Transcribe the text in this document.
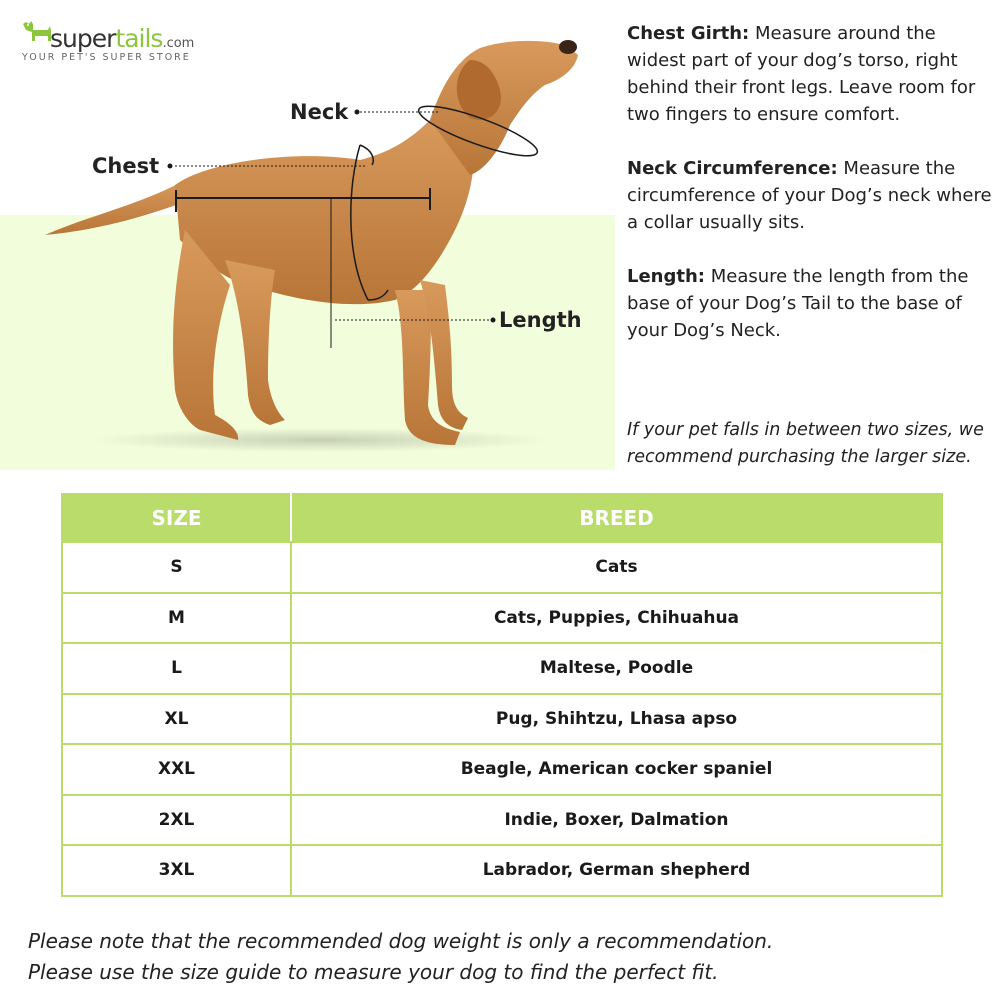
supertails.com
YOUR PET'S SUPER STORE
Neck
Chest
Length

Chest Girth: Measure around the widest part of your dog’s torso, right behind their front legs. Leave room for two fingers to ensure comfort.

Neck Circumference: Measure the circumference of your Dog’s neck where a collar usually sits.

Length: Measure the length from the base of your Dog’s Tail to the base of your Dog’s Neck.

If your pet falls in between two sizes, we recommend purchasing the larger size.
SIZE	BREED
S	Cats
M	Cats, Puppies, Chihuahua
L	Maltese, Poodle
XL	Pug, Shihtzu, Lhasa apso
XXL	Beagle, American cocker spaniel
2XL	Indie, Boxer, Dalmation
3XL	Labrador, German shepherd
Please note that the recommended dog weight is only a recommendation.
Please use the size guide to measure your dog to find the perfect fit.
